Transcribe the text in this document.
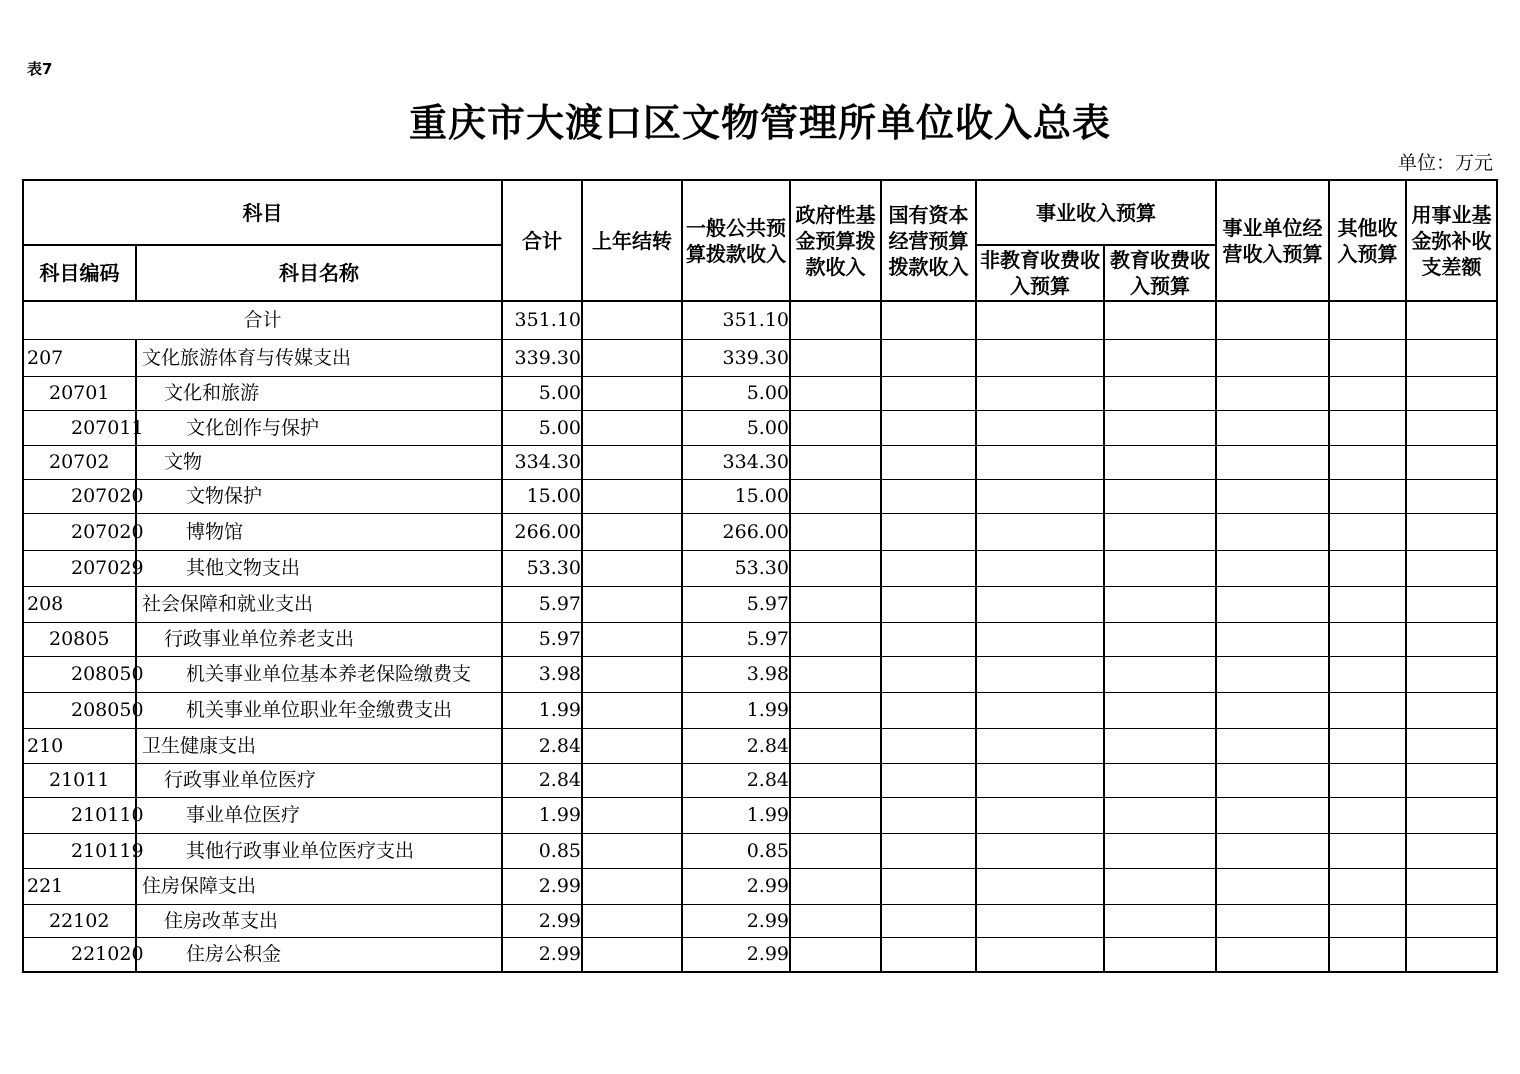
表7
重庆市大渡口区文物管理所单位收入总表
单位：万元
科目		合计	上年结转	一般公共预算拨款收入	政府性基金预算拨款收入	国有资本经营预算拨款收入	事业收入预算		事业单位经营收入预算	其他收入预算	用事业基金弥补收支差额
科目编码	科目名称						非教育收费收入预算	教育收费收入预算			
合计		351.10		351.10							
207	文化旅游体育与传媒支出	339.30		339.30							
20701	文化和旅游	5.00		5.00							
207011	文化创作与保护	5.00		5.00							
20702	文物	334.30		334.30							
207020	文物保护	15.00		15.00							
207020	博物馆	266.00		266.00							
207029	其他文物支出	53.30		53.30							
208	社会保障和就业支出	5.97		5.97							
20805	行政事业单位养老支出	5.97		5.97							
208050	机关事业单位基本养老保险缴费支	3.98		3.98							
208050	机关事业单位职业年金缴费支出	1.99		1.99							
210	卫生健康支出	2.84		2.84							
21011	行政事业单位医疗	2.84		2.84							
210110	事业单位医疗	1.99		1.99							
210119	其他行政事业单位医疗支出	0.85		0.85							
221	住房保障支出	2.99		2.99							
22102	住房改革支出	2.99		2.99							
221020	住房公积金	2.99		2.99							
